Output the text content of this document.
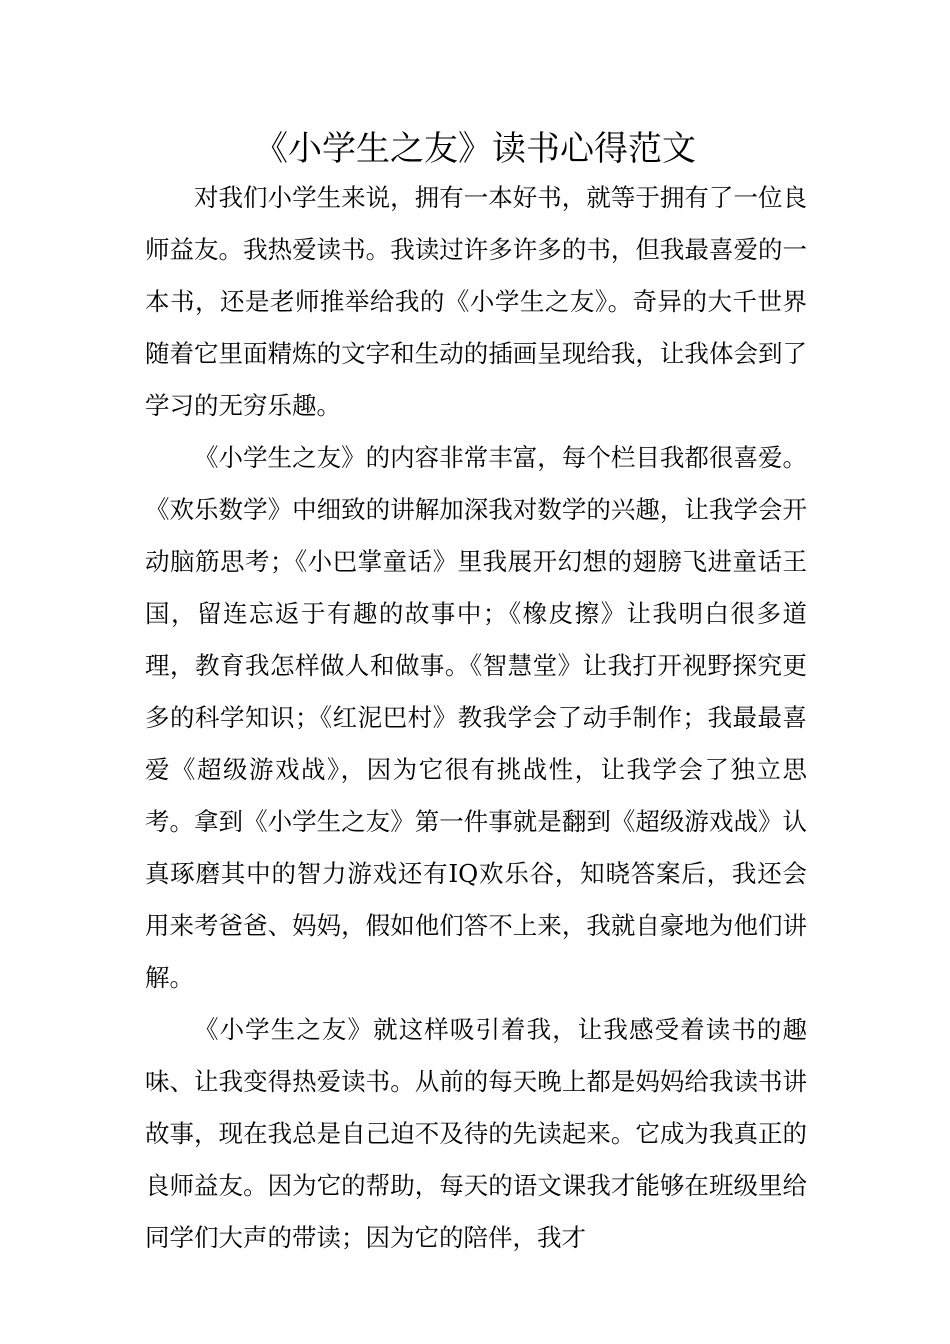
《小学生之友》读书心得范文

对我们小学生来说，拥有一本好书，就等于拥有了一位良师益友。我热爱读书。我读过许多许多的书，但我最喜爱的一本书，还是老师推举给我的《小学生之友》。奇异的大千世界随着它里面精炼的文字和生动的插画呈现给我，让我体会到了学习的无穷乐趣。

《小学生之友》的内容非常丰富，每个栏目我都很喜爱。《欢乐数学》中细致的讲解加深我对数学的兴趣，让我学会开动脑筋思考；《小巴掌童话》里我展开幻想的翅膀飞进童话王国，留连忘返于有趣的故事中；《橡皮擦》让我明白很多道理，教育我怎样做人和做事。《智慧堂》让我打开视野探究更多的科学知识；《红泥巴村》教我学会了动手制作；我最最喜爱《超级游戏战》，因为它很有挑战性，让我学会了独立思考。拿到《小学生之友》第一件事就是翻到《超级游戏战》认真琢磨其中的智力游戏还有IQ欢乐谷，知晓答案后，我还会用来考爸爸、妈妈，假如他们答不上来，我就自豪地为他们讲解。

《小学生之友》就这样吸引着我，让我感受着读书的趣味、让我变得热爱读书。从前的每天晚上都是妈妈给我读书讲故事，现在我总是自己迫不及待的先读起来。它成为我真正的良师益友。因为它的帮助，每天的语文课我才能够在班级里给同学们大声的带读；因为它的陪伴，我才
